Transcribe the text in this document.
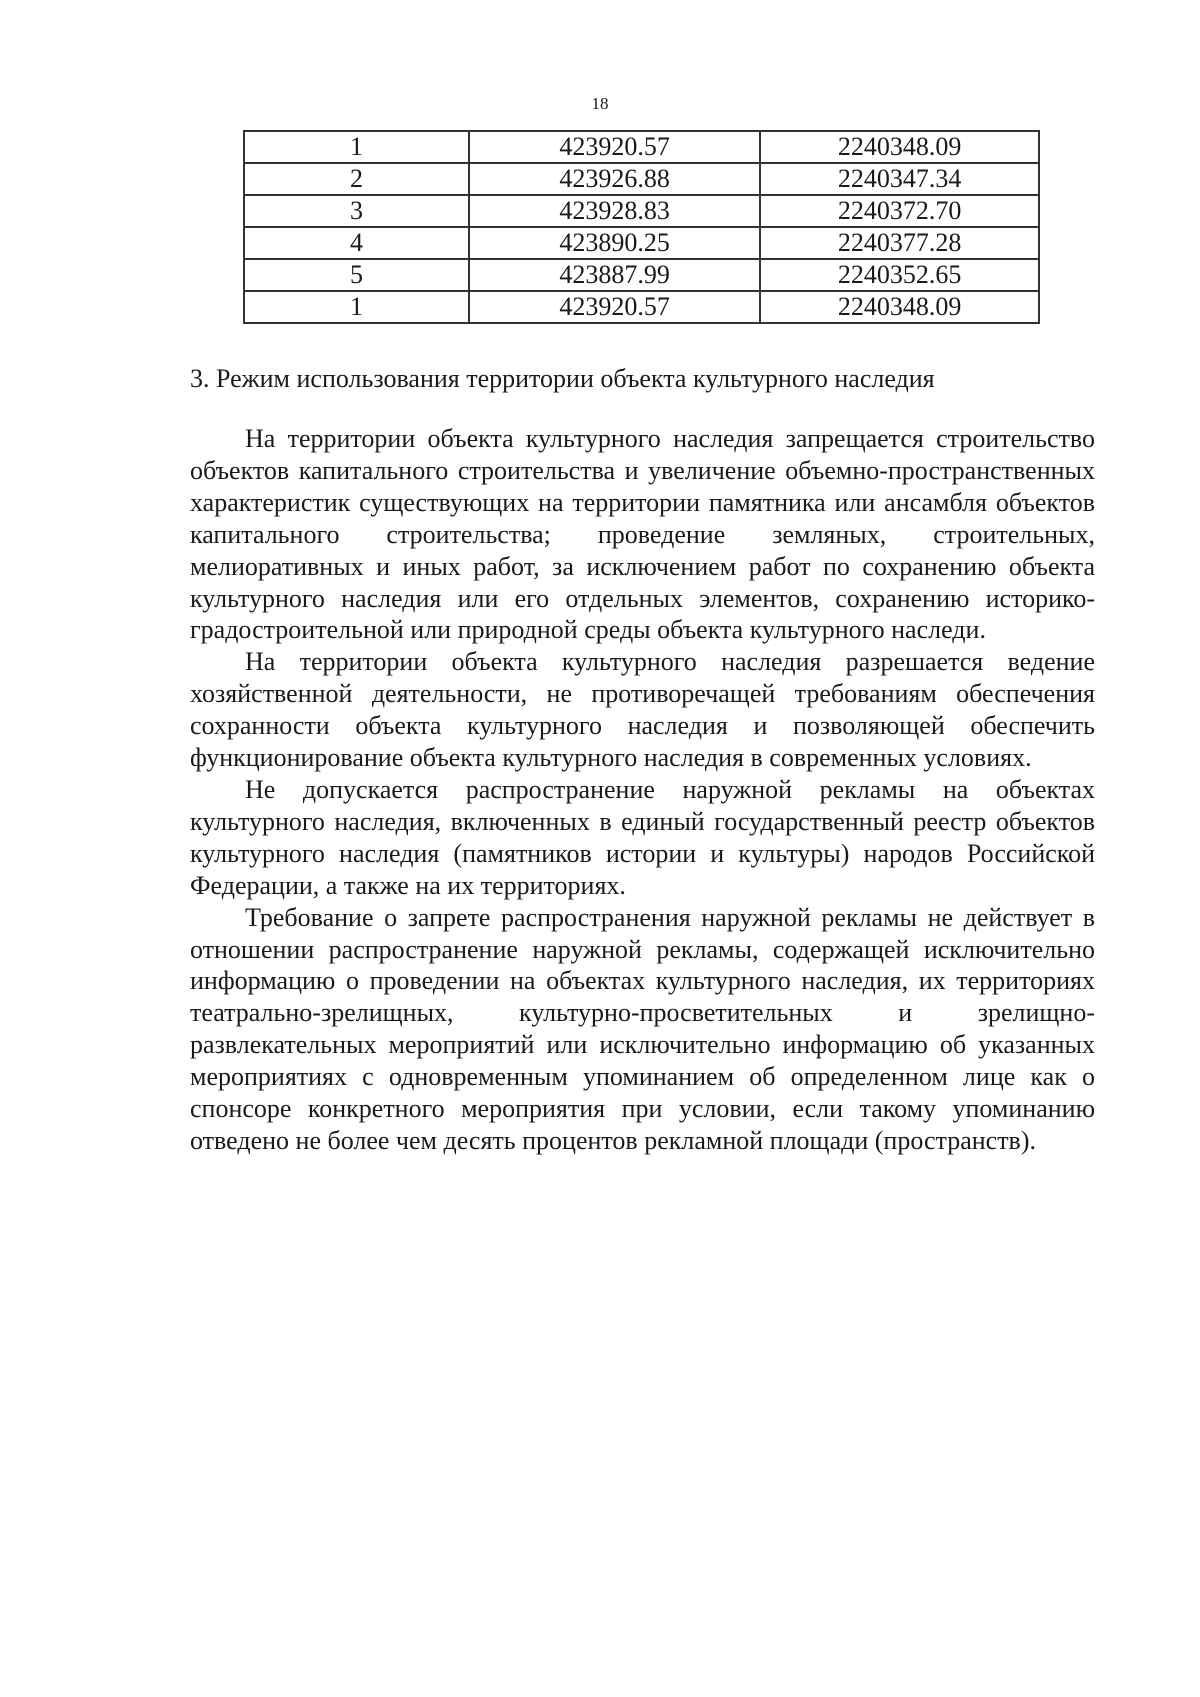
18
1	423920.57	2240348.09
2	423926.88	2240347.34
3	423928.83	2240372.70
4	423890.25	2240377.28
5	423887.99	2240352.65
1	423920.57	2240348.09
3. Режим использования территории объекта культурного наследия

На территории объекта культурного наследия запрещается строительство объектов капитального строительства и увеличение объемно-пространственных характеристик существующих на территории памятника или ансамбля объектов капитального строительства; проведение земляных, строительных, мелиоративных и иных работ, за исключением работ по сохранению объекта культурного наследия или его отдельных элементов, сохранению историко-градостроительной или природной среды объекта культурного наследи.

На территории объекта культурного наследия разрешается ведение хозяйственной деятельности, не противоречащей требованиям обеспечения сохранности объекта культурного наследия и позволяющей обеспечить функционирование объекта культурного наследия в современных условиях.

Не допускается распространение наружной рекламы на объектах культурного наследия, включенных в единый государственный реестр объектов культурного наследия (памятников истории и культуры) народов Российской Федерации, а также на их территориях.

Требование о запрете распространения наружной рекламы не действует в отношении распространение наружной рекламы, содержащей исключительно информацию о проведении на объектах культурного наследия, их территориях театрально-зрелищных, культурно-просветительных и зрелищно-развлекательных мероприятий или исключительно информацию об указанных мероприятиях с одновременным упоминанием об определенном лице как о спонсоре конкретного мероприятия при условии, если такому упоминанию отведено не более чем десять процентов рекламной площади (пространств).
